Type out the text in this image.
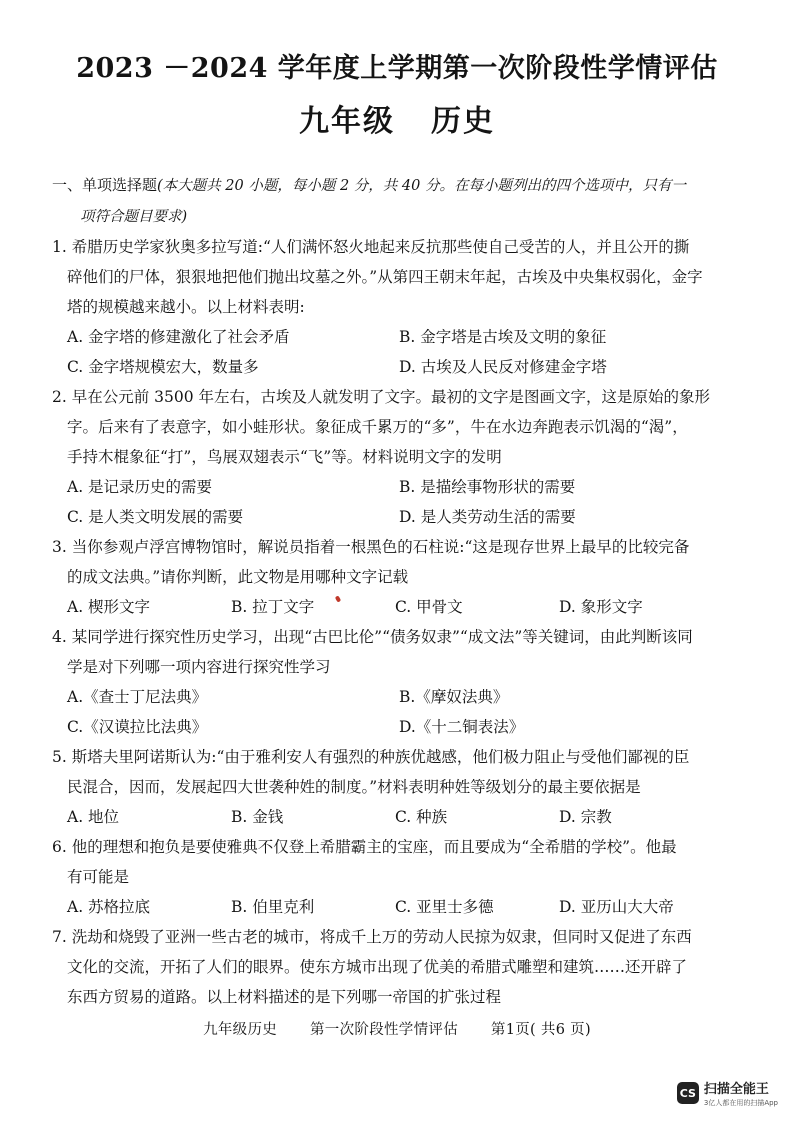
2023 －2024 学年度上学期第一次阶段性学情评估
九年级 历史
一、单项选择题(本大题共 20 小题，每小题 2 分，共 40 分。在每小题列出的四个选项中，只有一
项符合题目要求)
1. 希腊历史学家狄奥多拉写道:“人们满怀怒火地起来反抗那些使自己受苦的人，并且公开的撕
碎他们的尸体，狠狠地把他们抛出坟墓之外。”从第四王朝末年起，古埃及中央集权弱化，金字
塔的规模越来越小。以上材料表明:
A. 金字塔的修建激化了社会矛盾	B. 金字塔是古埃及文明的象征
C. 金字塔规模宏大，数量多	D. 古埃及人民反对修建金字塔
2. 早在公元前 3500 年左右，古埃及人就发明了文字。最初的文字是图画文字，这是原始的象形
字。后来有了表意字，如小蛙形状。象征成千累万的“多”，牛在水边奔跑表示饥渴的“渴”，
手持木棍象征“打”，鸟展双翅表示“飞”等。材料说明文字的发明
A. 是记录历史的需要	B. 是描绘事物形状的需要
C. 是人类文明发展的需要	D. 是人类劳动生活的需要
3. 当你参观卢浮宫博物馆时，解说员指着一根黑色的石柱说:“这是现存世界上最早的比较完备
的成文法典。”请你判断，此文物是用哪种文字记载
A. 楔形文字	B. 拉丁文字	C. 甲骨文	D. 象形文字
4. 某同学进行探究性历史学习，出现“古巴比伦”“债务奴隶”“成文法”等关键词，由此判断该同
学是对下列哪一项内容进行探究性学习
A.《查士丁尼法典》	B.《摩奴法典》
C.《汉谟拉比法典》	D.《十二铜表法》
5. 斯塔夫里阿诺斯认为:“由于雅利安人有强烈的种族优越感，他们极力阻止与受他们鄙视的臣
民混合，因而，发展起四大世袭种姓的制度。”材料表明种姓等级划分的最主要依据是
A. 地位	B. 金钱	C. 种族	D. 宗教
6. 他的理想和抱负是要使雅典不仅登上希腊霸主的宝座，而且要成为“全希腊的学校”。他最
有可能是
A. 苏格拉底	B. 伯里克利	C. 亚里士多德	D. 亚历山大大帝
7. 洗劫和烧毁了亚洲一些古老的城市，将成千上万的劳动人民掠为奴隶，但同时又促进了东西
文化的交流，开拓了人们的眼界。使东方城市出现了优美的希腊式雕塑和建筑……还开辟了
东西方贸易的道路。以上材料描述的是下列哪一帝国的扩张过程
九年级历史 第一次阶段性学情评估 第1页( 共6 页)
CS 扫描全能王
3亿人都在用的扫描App
